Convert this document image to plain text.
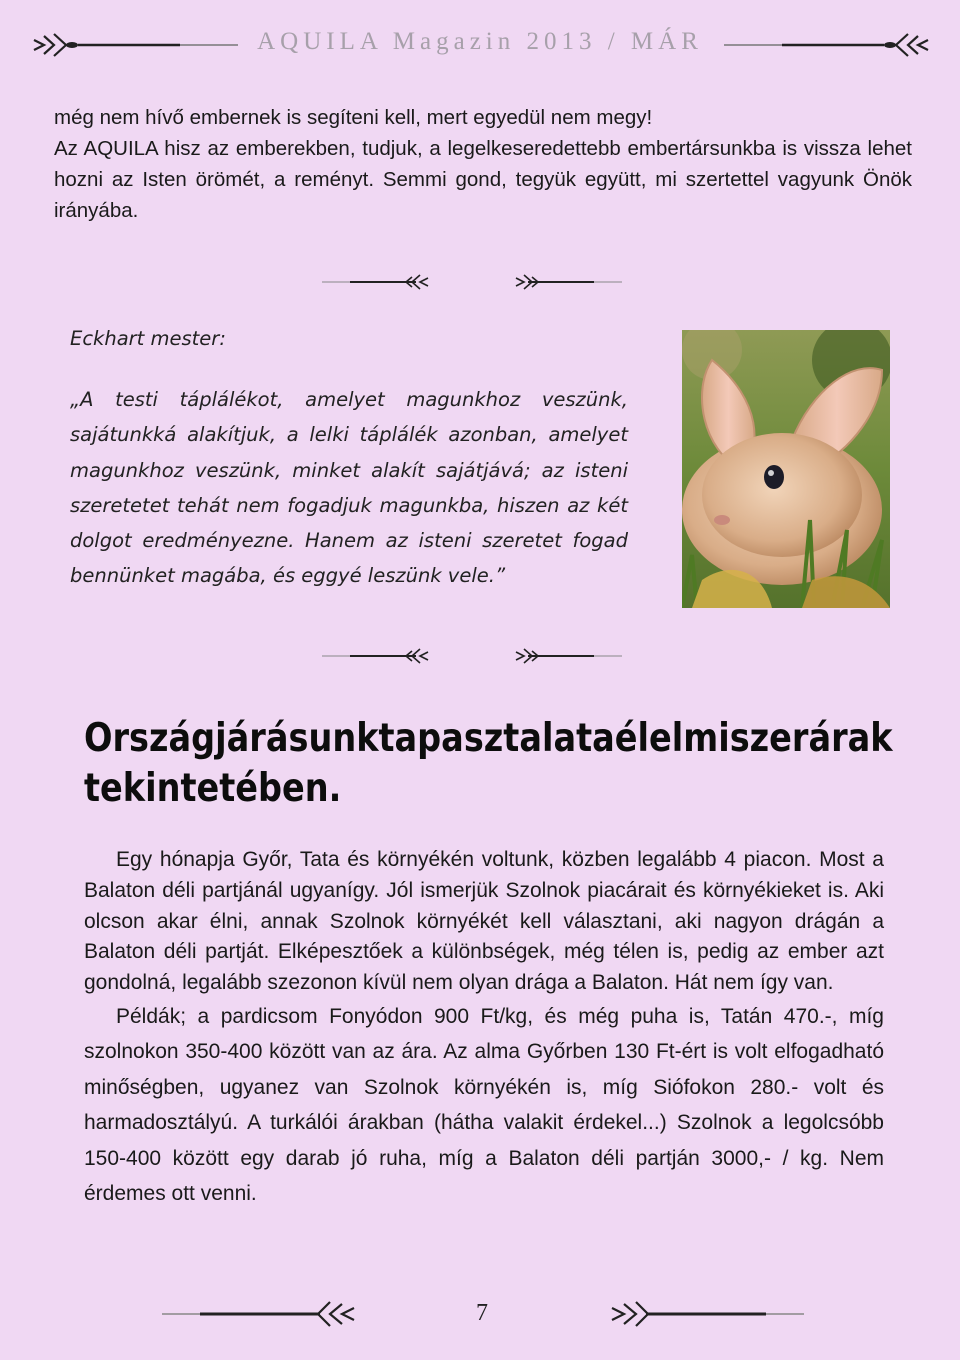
AQUILA Magazin 2013 / MÁR

még nem hívő embernek is segíteni kell, mert egyedül nem megy!

Az AQUILA hisz az emberekben, tudjuk, a legelkeseredettebb embertársunkba is vissza lehet hozni az Isten örömét, a reményt. Semmi gond, tegyük együtt, mi szertettel vagyunk Önök irányába.

Eckhart mester:

„A testi táplálékot, amelyet magunkhoz veszünk, sajátunkká alakítjuk, a lelki táplálék azonban, amelyet magunkhoz veszünk, minket alakít sajátjává; az isteni szeretetet tehát nem fogadjuk magunkba, hiszen az két dolgot eredményezne. Hanem az isteni szeretet fogad bennünket magába, és eggyé leszünk vele.”

Országjárásunk tapasztalata élelmiszerárak
tekintetében.

Egy hónapja Győr, Tata és környékén voltunk, közben legalább 4 piacon. Most a Balaton déli partjánál ugyanígy. Jól ismerjük Szolnok piacárait és környékieket is. Aki olcson akar élni, annak Szolnok környékét kell választani, aki nagyon drágán a Balaton déli partját. Elképesztőek a különbségek, még télen is, pedig az ember azt gondolná, legalább szezonon kívül nem olyan drága a Balaton. Hát nem így van.

Példák; a pardicsom Fonyódon 900 Ft/kg, és még puha is, Tatán 470.-, míg szolnokon 350-400 között van az ára. Az alma Győrben 130 Ft-ért is volt elfogadható minőségben, ugyanez van Szolnok környékén is, míg Siófokon 280.- volt és harmadosztályú. A turkálói árakban (hátha valakit érdekel...) Szolnok a legolcsóbb 150-400 között egy darab jó ruha, míg a Balaton déli partján 3000,- / kg. Nem érdemes ott venni.

7
